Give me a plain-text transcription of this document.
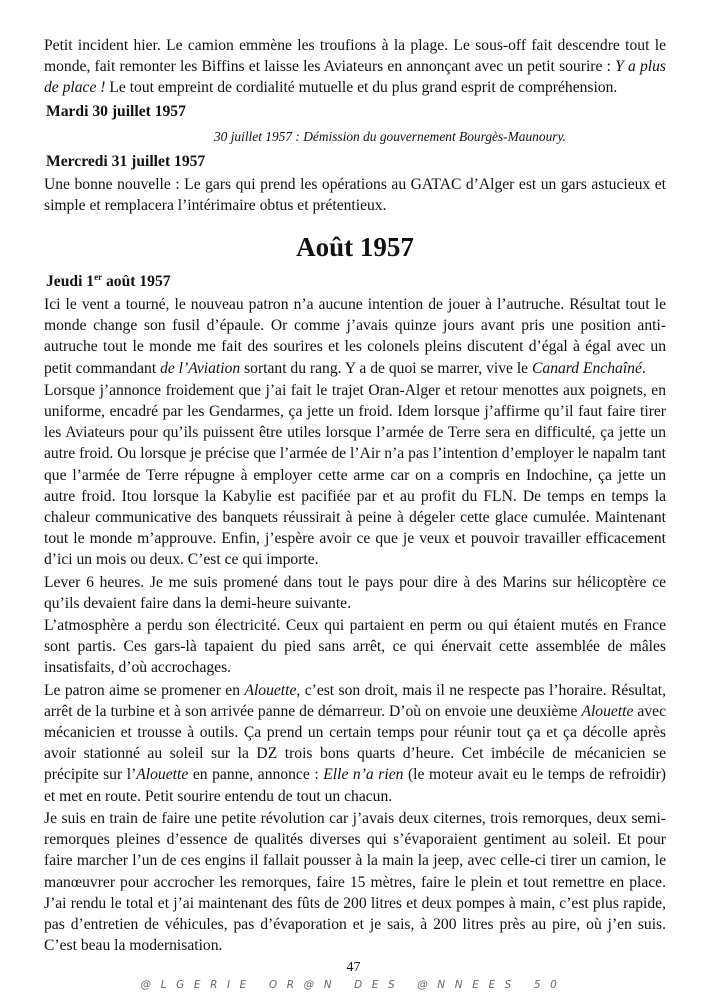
Petit incident hier. Le camion emmène les troufions à la plage. Le sous-off fait descendre tout le monde, fait remonter les Biffins et laisse les Aviateurs en annonçant avec un petit sourire : Y a plus de place ! Le tout empreint de cordialité mutuelle et du plus grand esprit de compréhension.

Mardi 30 juillet 1957
30 juillet 1957 : Démission du gouvernement Bourgès-Maunoury.
Mercredi 31 juillet 1957

Une bonne nouvelle : Le gars qui prend les opérations au GATAC d’Alger est un gars astucieux et simple et remplacera l’intérimaire obtus et prétentieux.

Août 1957
Jeudi 1er août 1957

Ici le vent a tourné, le nouveau patron n’a aucune intention de jouer à l’autruche. Résultat tout le monde change son fusil d’épaule. Or comme j’avais quinze jours avant pris une position anti-autruche tout le monde me fait des sourires et les colonels pleins discutent d’égal à égal avec un petit commandant de l’Aviation sortant du rang. Y a de quoi se marrer, vive le Canard Enchaîné.

Lorsque j’annonce froidement que j’ai fait le trajet Oran-Alger et retour menottes aux poignets, en uniforme, encadré par les Gendarmes, ça jette un froid. Idem lorsque j’affirme qu’il faut faire tirer les Aviateurs pour qu’ils puissent être utiles lorsque l’armée de Terre sera en difficulté, ça jette un autre froid. Ou lorsque je précise que l’armée de l’Air n’a pas l’intention d’employer le napalm tant que l’armée de Terre répugne à employer cette arme car on a compris en Indochine, ça jette un autre froid. Itou lorsque la Kabylie est pacifiée par et au profit du FLN. De temps en temps la chaleur communicative des banquets réussirait à peine à dégeler cette glace cumulée. Maintenant tout le monde m’approuve. Enfin, j’espère avoir ce que je veux et pouvoir travailler efficacement d’ici un mois ou deux. C’est ce qui importe.

Lever 6 heures. Je me suis promené dans tout le pays pour dire à des Marins sur hélicoptère ce qu’ils devaient faire dans la demi-heure suivante.

L’atmosphère a perdu son électricité. Ceux qui partaient en perm ou qui étaient mutés en France sont partis. Ces gars-là tapaient du pied sans arrêt, ce qui énervait cette assemblée de mâles insatisfaits, d’où accrochages.

Le patron aime se promener en Alouette, c’est son droit, mais il ne respecte pas l’horaire. Résultat, arrêt de la turbine et à son arrivée panne de démarreur. D’où on envoie une deuxième Alouette avec mécanicien et trousse à outils. Ça prend un certain temps pour réunir tout ça et ça décolle après avoir stationné au soleil sur la DZ trois bons quarts d’heure. Cet imbécile de mécanicien se précipite sur l’Alouette en panne, annonce : Elle n’a rien (le moteur avait eu le temps de refroidir) et met en route. Petit sourire entendu de tout un chacun.

Je suis en train de faire une petite révolution car j’avais deux citernes, trois remorques, deux semi-remorques pleines d’essence de qualités diverses qui s’évaporaient gentiment au soleil. Et pour faire marcher l’un de ces engins il fallait pousser à la main la jeep, avec celle-ci tirer un camion, le manœuvrer pour accrocher les remorques, faire 15 mètres, faire le plein et tout remettre en place. J’ai rendu le total et j’ai maintenant des fûts de 200 litres et deux pompes à main, c’est plus rapide, pas d’entretien de véhicules, pas d’évaporation et je sais, à 200 litres près au pire, où j’en suis. C’est beau la modernisation.

47
@LGERIE OR@N DES @NNEES 50
